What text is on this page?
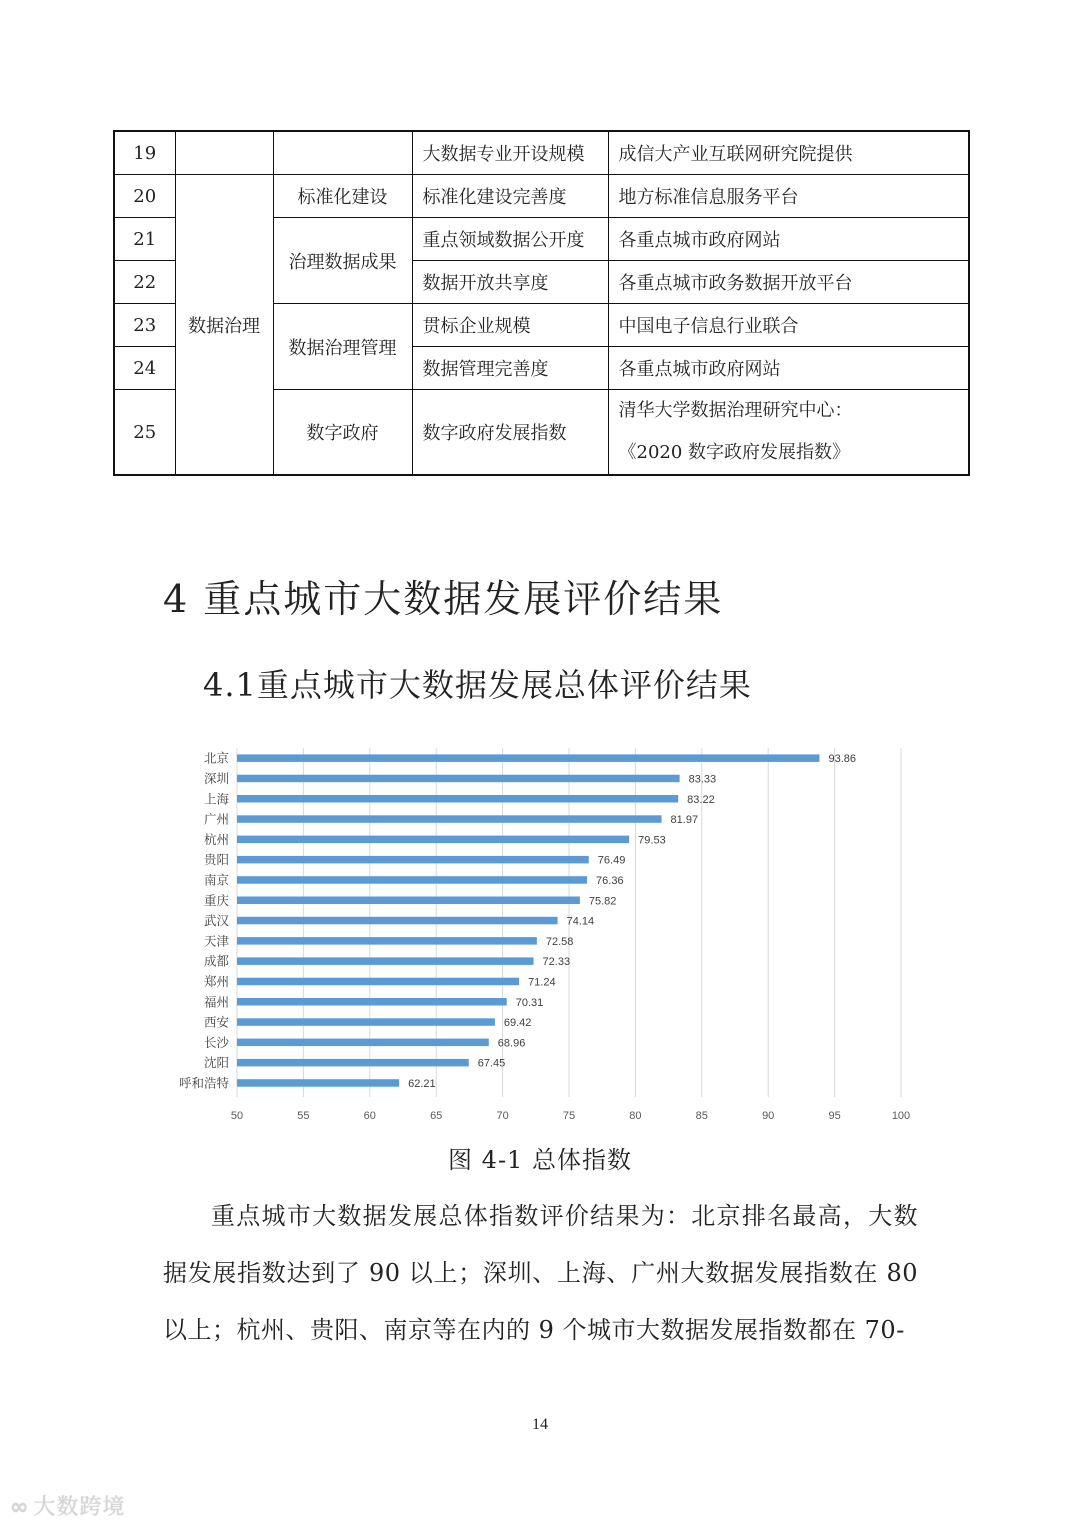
19			大数据专业开设规模	成信大产业互联网研究院提供
20	数据治理	标准化建设	标准化建设完善度	地方标准信息服务平台
21		治理数据成果	重点领域数据公开度	各重点城市政府网站
22			数据开放共享度	各重点城市政务数据开放平台
23		数据治理管理	贯标企业规模	中国电子信息行业联合
24			数据管理完善度	各重点城市政府网站
25		数字政府	数字政府发展指数	清华大学数据治理研究中心：
《2020 数字政府发展指数》
4 重点城市大数据发展评价结果
4.1重点城市大数据发展总体评价结果
50	55	60	65	70	75	80	85	90	95	100
北京	93.86
深圳	83.33
上海	83.22
广州	81.97
杭州	79.53
贵阳	76.49
南京	76.36
重庆	75.82
武汉	74.14
天津	72.58
成都	72.33
郑州	71.24
福州	70.31
西安	69.42
长沙	68.96
沈阳	67.45
呼和浩特	62.21
图 4-1 总体指数

重点城市大数据发展总体指数评价结果为：北京排名最高，大数据发展指数达到了 90 以上；深圳、上海、广州大数据发展指数在 80 以上；杭州、贵阳、南京等在内的 9 个城市大数据发展指数都在 70-

14
∞ 大数跨境
